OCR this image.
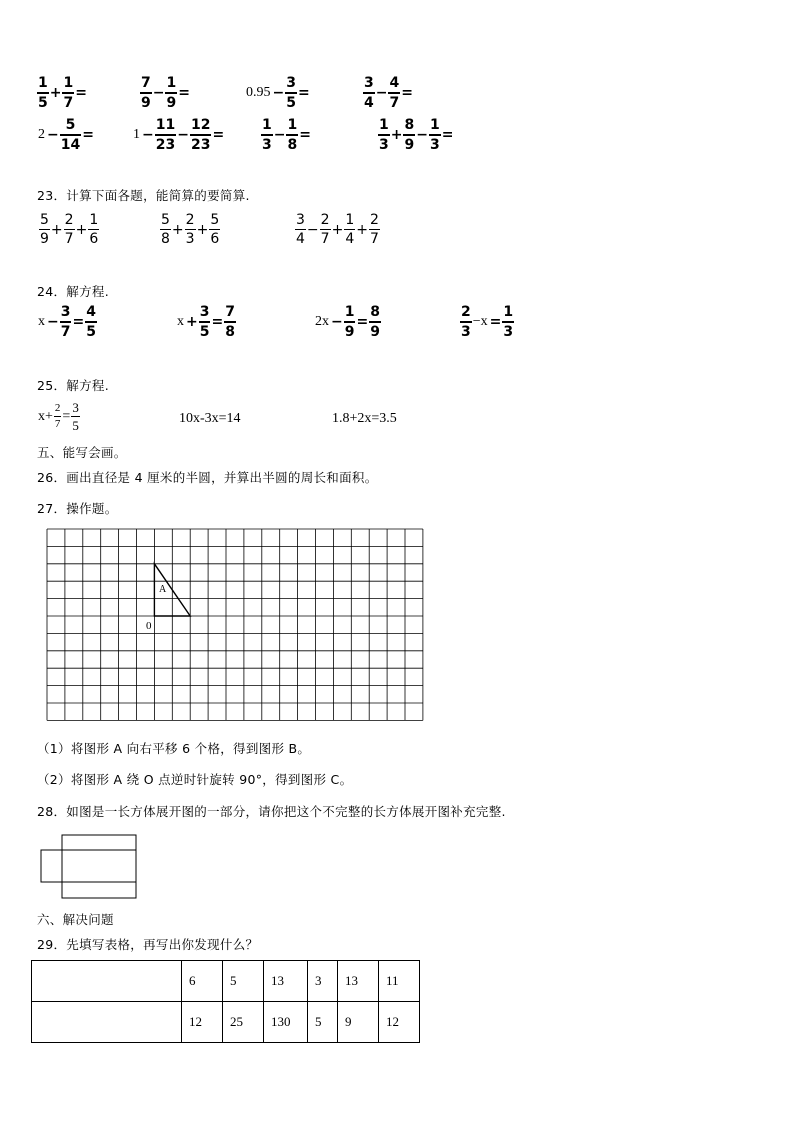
$\frac{1}{5} + \frac{1}{7}$ =	$\frac{7}{9} - \frac{1}{9}$ =	$0.95 - \frac{3}{5}$ =	$\frac{3}{4} - \frac{4}{7}$ =
$2 - \frac{5}{14}$ =	$1 - \frac{11}{23} - \frac{12}{23}$ =	$\frac{1}{3} - \frac{1}{8}$ =	$\frac{1}{3} + \frac{8}{9} - \frac{1}{3}$ =
23．计算下面各题，能简算的要简算.
$\frac{5}{9} + \frac{2}{7} + \frac{1}{6}$	$\frac{5}{8} + \frac{2}{3} + \frac{5}{6}$	$\frac{3}{4} - \frac{2}{7} + \frac{1}{4} + \frac{2}{7}$
24．解方程.
$x - \frac{3}{7} = \frac{4}{5}$	$x + \frac{3}{5} = \frac{7}{8}$	$2x - \frac{1}{9} = \frac{8}{9}$	$\frac{2}{3} -x = \frac{1}{3}$
25．解方程.
$x+ \frac{2}{7} = \frac{3}{5}$	10x-3x=14	1.8+2x=3.5
五、能写会画。
26．画出直径是 4 厘米的半圆，并算出半圆的周长和面积。
27．操作题。
A
0
（1）将图形 A 向右平移 6 个格，得到图形 B。
（2）将图形 A 绕 O 点逆时针旋转 90°，得到图形 C。
28．如图是一长方体展开图的一部分，请你把这个不完整的长方体展开图补充完整.
六、解决问题
29．先填写表格，再写出你发现什么？
	6	5	13	3	13	11
	12	25	130	5	9	12
